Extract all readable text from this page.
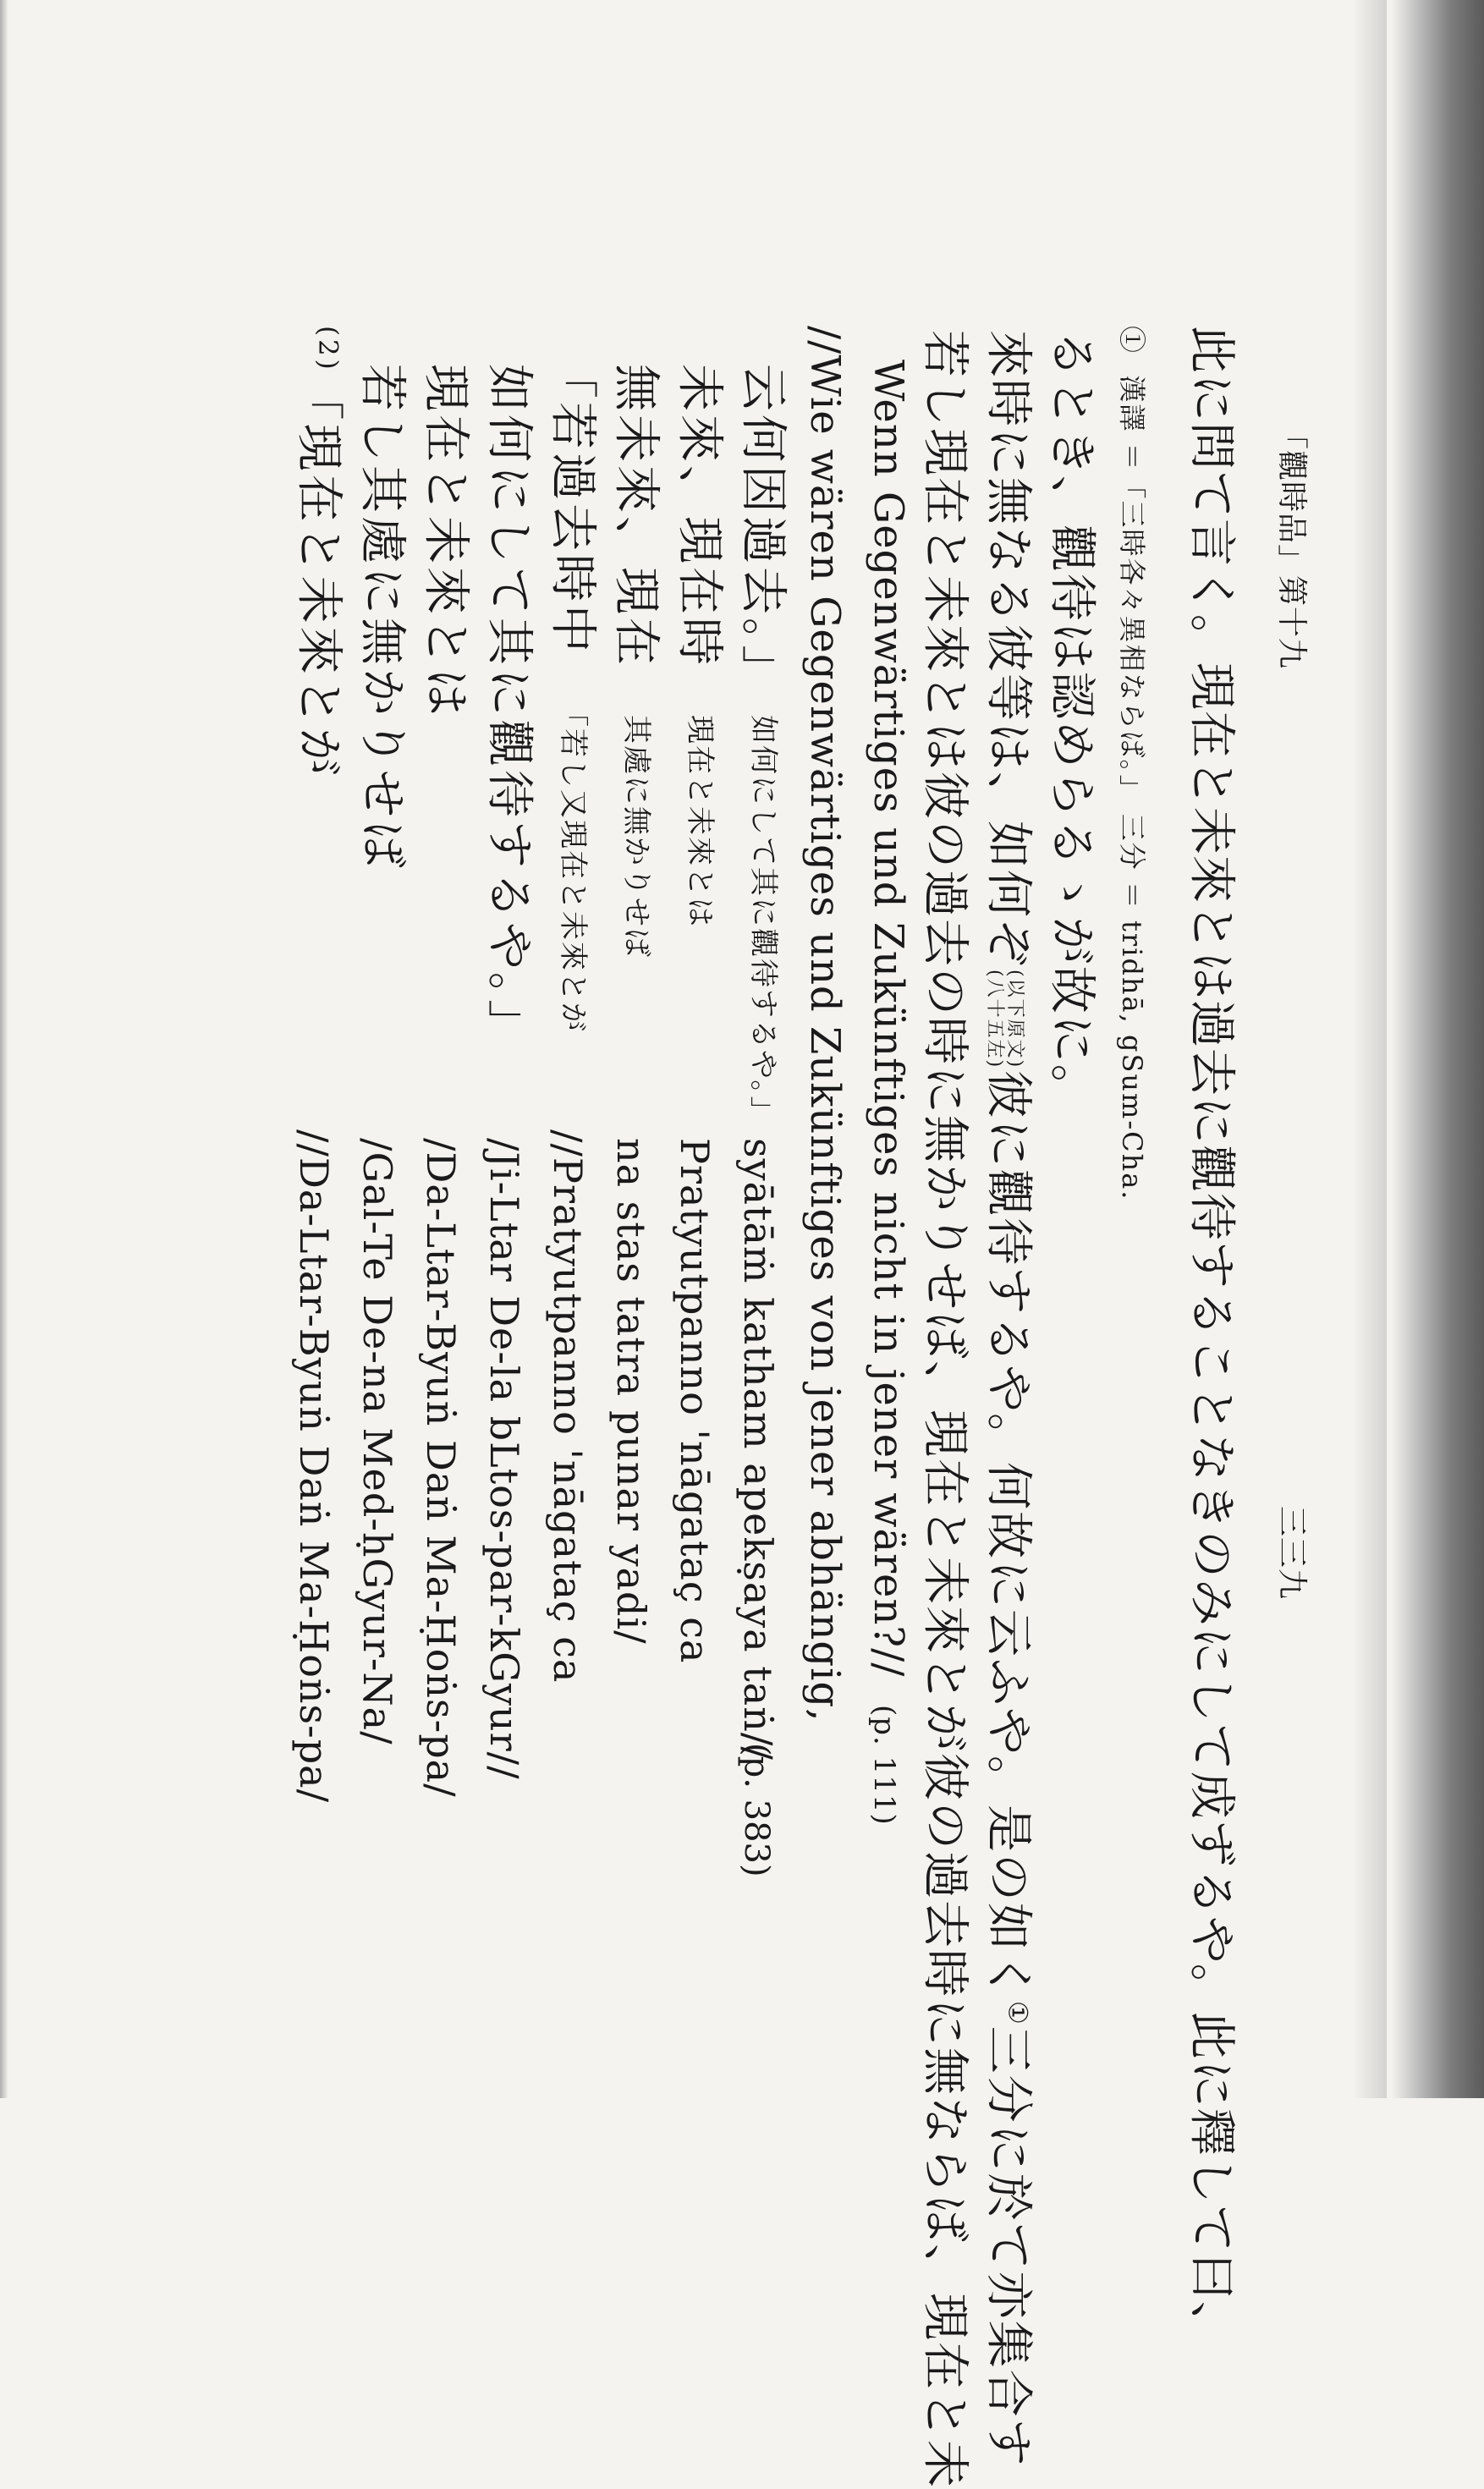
$^{(2)}$「現在と未來とが 若し其處に無かりせば 現在と未來とは 如何にして其に觀待するや。」
//Da-Ltar-Byuṅ Daṅ Ma-Ḥoṅs-pa/ /Gal-Te De-na Med-ḥGyur-Na/ /Da-Ltar-Byuṅ Daṅ Ma-Ḥoṅs-pa/ /Ji-Ltar De-la bLtos-par-kGyur//
「若過去時中 無未來、現在 未來、現在時 云何因過去。」
「若し又現在と未來とが 其處に無かりせば 現在と未來とは 如何にして其に觀待するや。」
//Pratyutpanno 'nāgataç ca na stas tatra punar yadi/ Pratyutpanno 'nāgataç ca syātāṁ katham apekṣaya taṅ//
(p. 383)
//Wie wären Gegenwärtiges und Zukünftiges von jener abhängig, Wenn Gegenwärtiges und Zukünftiges nicht in jener wären?//  (p. 111) 若し現在と未來とは彼の過去の時に無かりせば、現在と未來とが彼の過去時に無ならば、現在と未 來時に無なる彼等は、如何ぞ(以下原文)
(八十五左)彼に觀待するや。何故に云ふや。是の如く①三分に於て亦集合す
るとき、觀待は認めらるゝが故に。 ①  漢譯 ＝「三時各々異相ならば。」 三分 ＝ tridhā, gSum-Cha. 此に問て言く。現在と未來とは過去に觀待することなきのみにして成ずるや。此に釋して曰、 「觀時品」第十九
三三九
